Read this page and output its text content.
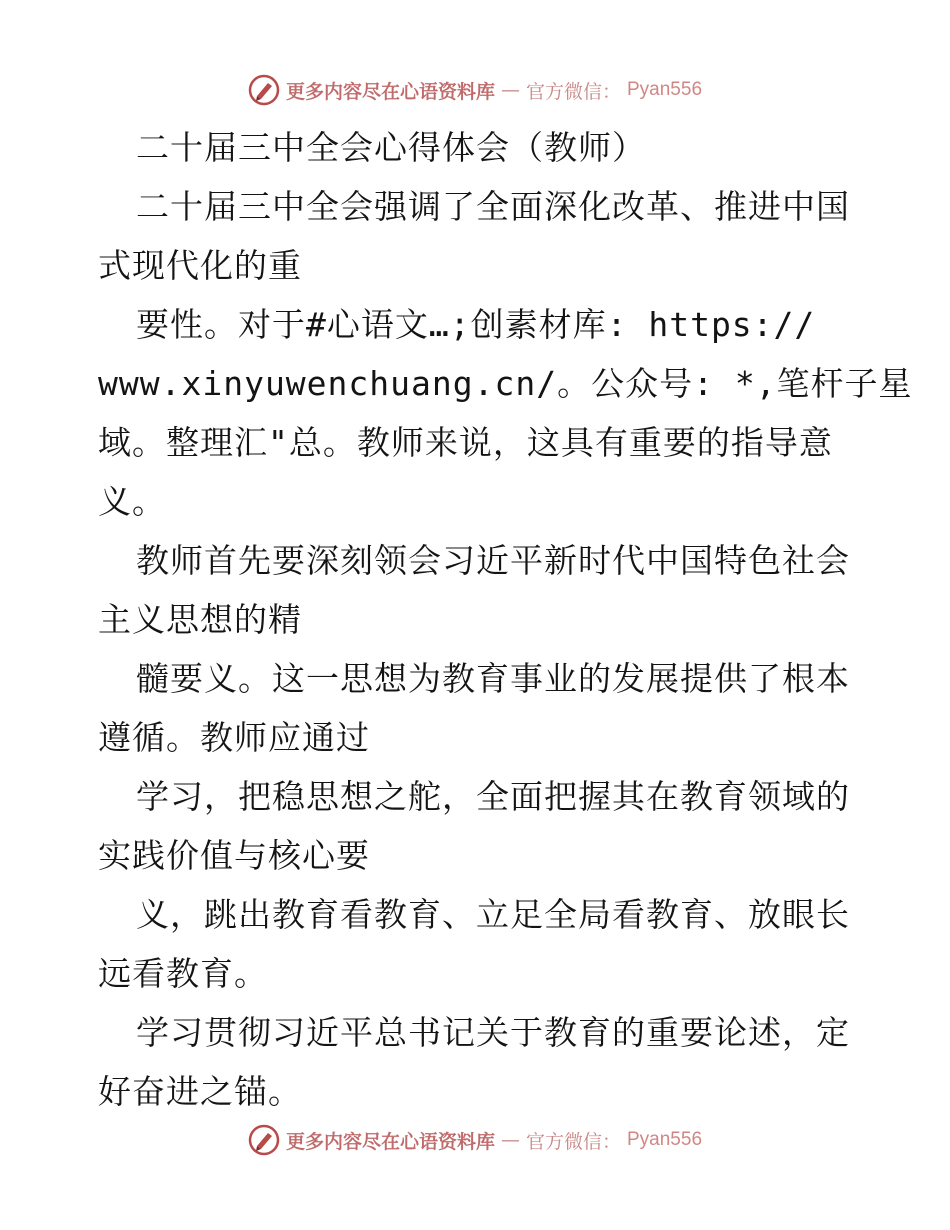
更多内容尽在心语资料库 — 官方微信： Pyan556
二十届三中全会心得体会（教师）
二十届三中全会强调了全面深化改革、推进中国
式现代化的重
要性。对于#心语文…;创素材库: https://
www.xinyuwenchuang.cn/。公众号: *,笔杆子星
域。整理汇"总。教师来说，这具有重要的指导意
义。
教师首先要深刻领会习近平新时代中国特色社会
主义思想的精
髓要义。这一思想为教育事业的发展提供了根本
遵循。教师应通过
学习，把稳思想之舵，全面把握其在教育领域的
实践价值与核心要
义，跳出教育看教育、立足全局看教育、放眼长
远看教育。
学习贯彻习近平总书记关于教育的重要论述，定
好奋进之锚。
更多内容尽在心语资料库 — 官方微信： Pyan556
